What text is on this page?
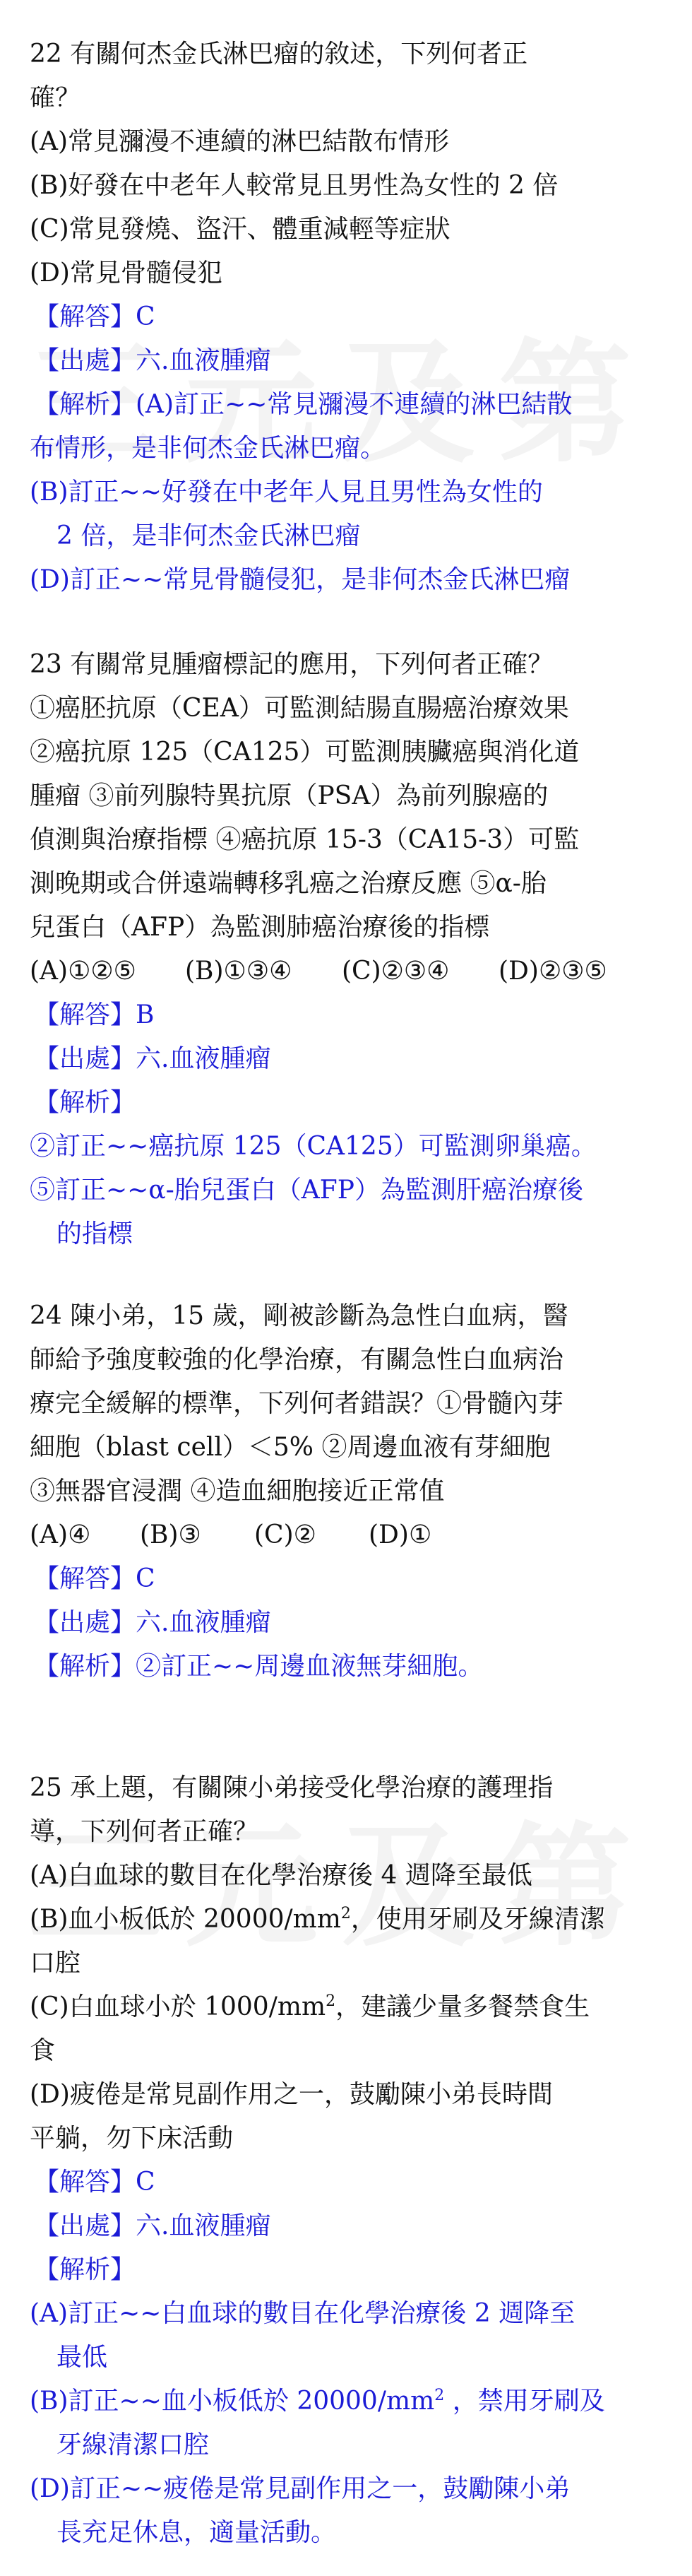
22 有關何杰金氏淋巴瘤的敘述，下列何者正
確？
(A)常見瀰漫不連續的淋巴結散布情形
(B)好發在中老年人較常見且男性為女性的 2 倍
(C)常見發燒、盜汗、體重減輕等症狀
(D)常見骨髓侵犯
【解答】C
【出處】六.血液腫瘤
【解析】(A)訂正~~常見瀰漫不連續的淋巴結散
布情形，是非何杰金氏淋巴瘤。
(B)訂正~~好發在中老年人見且男性為女性的
2 倍，是非何杰金氏淋巴瘤
(D)訂正~~常見骨髓侵犯，是非何杰金氏淋巴瘤
23 有關常見腫瘤標記的應用，下列何者正確？
①癌胚抗原（CEA）可監測結腸直腸癌治療效果
②癌抗原 125（CA125）可監測胰臟癌與消化道
腫瘤 ③前列腺特異抗原（PSA）為前列腺癌的
偵測與治療指標 ④癌抗原 15-3（CA15-3）可監
測晚期或合併遠端轉移乳癌之治療反應 ⑤α-胎
兒蛋白（AFP）為監測肺癌治療後的指標
(A)①②⑤ (B)①③④ (C)②③④ (D)②③⑤
【解答】B
【出處】六.血液腫瘤
【解析】
②訂正~~癌抗原 125（CA125）可監測卵巢癌。
⑤訂正~~α-胎兒蛋白（AFP）為監測肝癌治療後
的指標
24 陳小弟，15 歲，剛被診斷為急性白血病，醫
師給予強度較強的化學治療，有關急性白血病治
療完全緩解的標準，下列何者錯誤？①骨髓內芽
細胞（blast cell）＜5% ②周邊血液有芽細胞
③無器官浸潤 ④造血細胞接近正常值
(A)④ (B)③ (C)② (D)①
【解答】C
【出處】六.血液腫瘤
【解析】②訂正~~周邊血液無芽細胞。
25 承上題，有關陳小弟接受化學治療的護理指
導，下列何者正確？
(A)白血球的數目在化學治療後 4 週降至最低
(B)血小板低於 $20000/mm^2$，使用牙刷及牙線清潔
口腔
(C)白血球小於 $1000/mm^2$，建議少量多餐禁食生
食
(D)疲倦是常見副作用之一，鼓勵陳小弟長時間
平躺，勿下床活動
【解答】C
【出處】六.血液腫瘤
【解析】
(A)訂正~~白血球的數目在化學治療後 2 週降至
最低
(B)訂正~~血小板低於 $20000/mm^2$ ，禁用牙刷及
牙線清潔口腔
(D)訂正~~疲倦是常見副作用之一，鼓勵陳小弟
長充足休息，適量活動。
